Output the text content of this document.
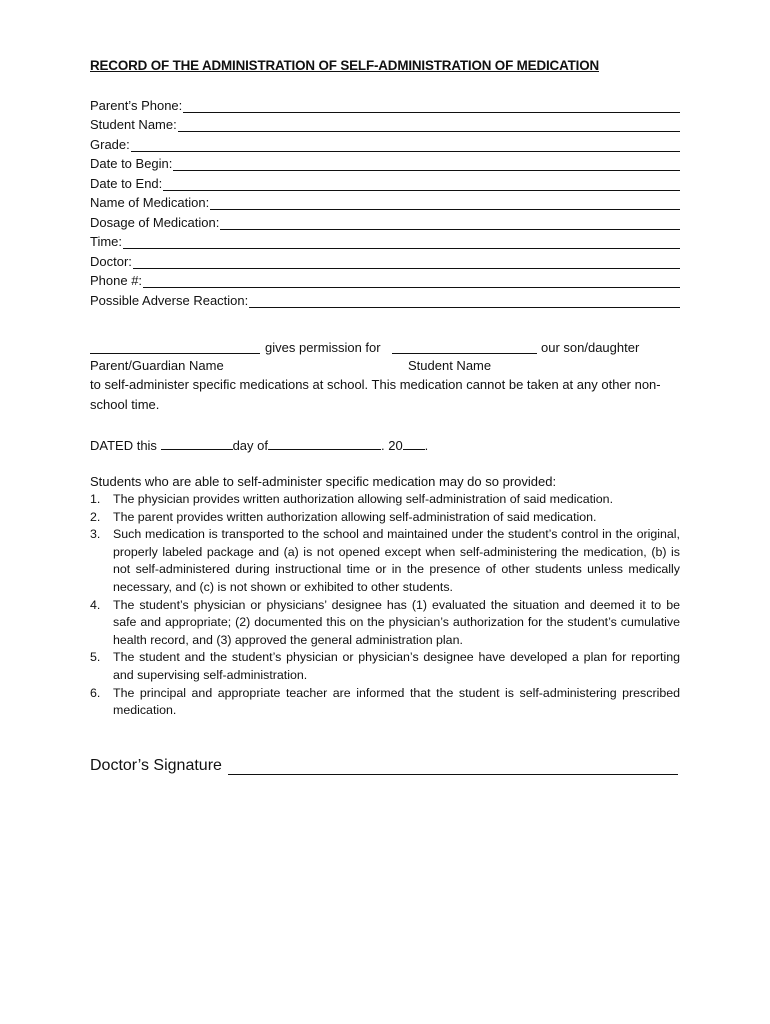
RECORD OF THE ADMINISTRATION OF SELF-ADMINISTRATION OF MEDICATION
Parent’s Phone:
Student Name:
Grade:
Date to Begin:
Date to End:
Name of Medication:
Dosage of Medication:
Time:
Doctor:
Phone #:
Possible Adverse Reaction:
gives permission for	our son/daughter
Parent/Guardian Name	Student Name
to self-administer specific medications at school. This medication cannot be taken at any other non-school time.
DATED this	day of	. 20 .
Students who are able to self-administer specific medication may do so provided:
1. The physician provides written authorization allowing self-administration of said medication.
2. The parent provides written authorization allowing self-administration of said medication.
3. Such medication is transported to the school and maintained under the student’s control in the original, properly labeled package and (a) is not opened except when self-administering the medication, (b) is not self-administered during instructional time or in the presence of other students unless medically necessary, and (c) is not shown or exhibited to other students.
4. The student’s physician or physicians’ designee has (1) evaluated the situation and deemed it to be safe and appropriate; (2) documented this on the physician’s authorization for the student’s cumulative health record, and (3) approved the general administration plan.
5. The student and the student’s physician or physician’s designee have developed a plan for reporting and supervising self-administration.
6. The principal and appropriate teacher are informed that the student is self-administering prescribed medication.
Doctor’s Signature
